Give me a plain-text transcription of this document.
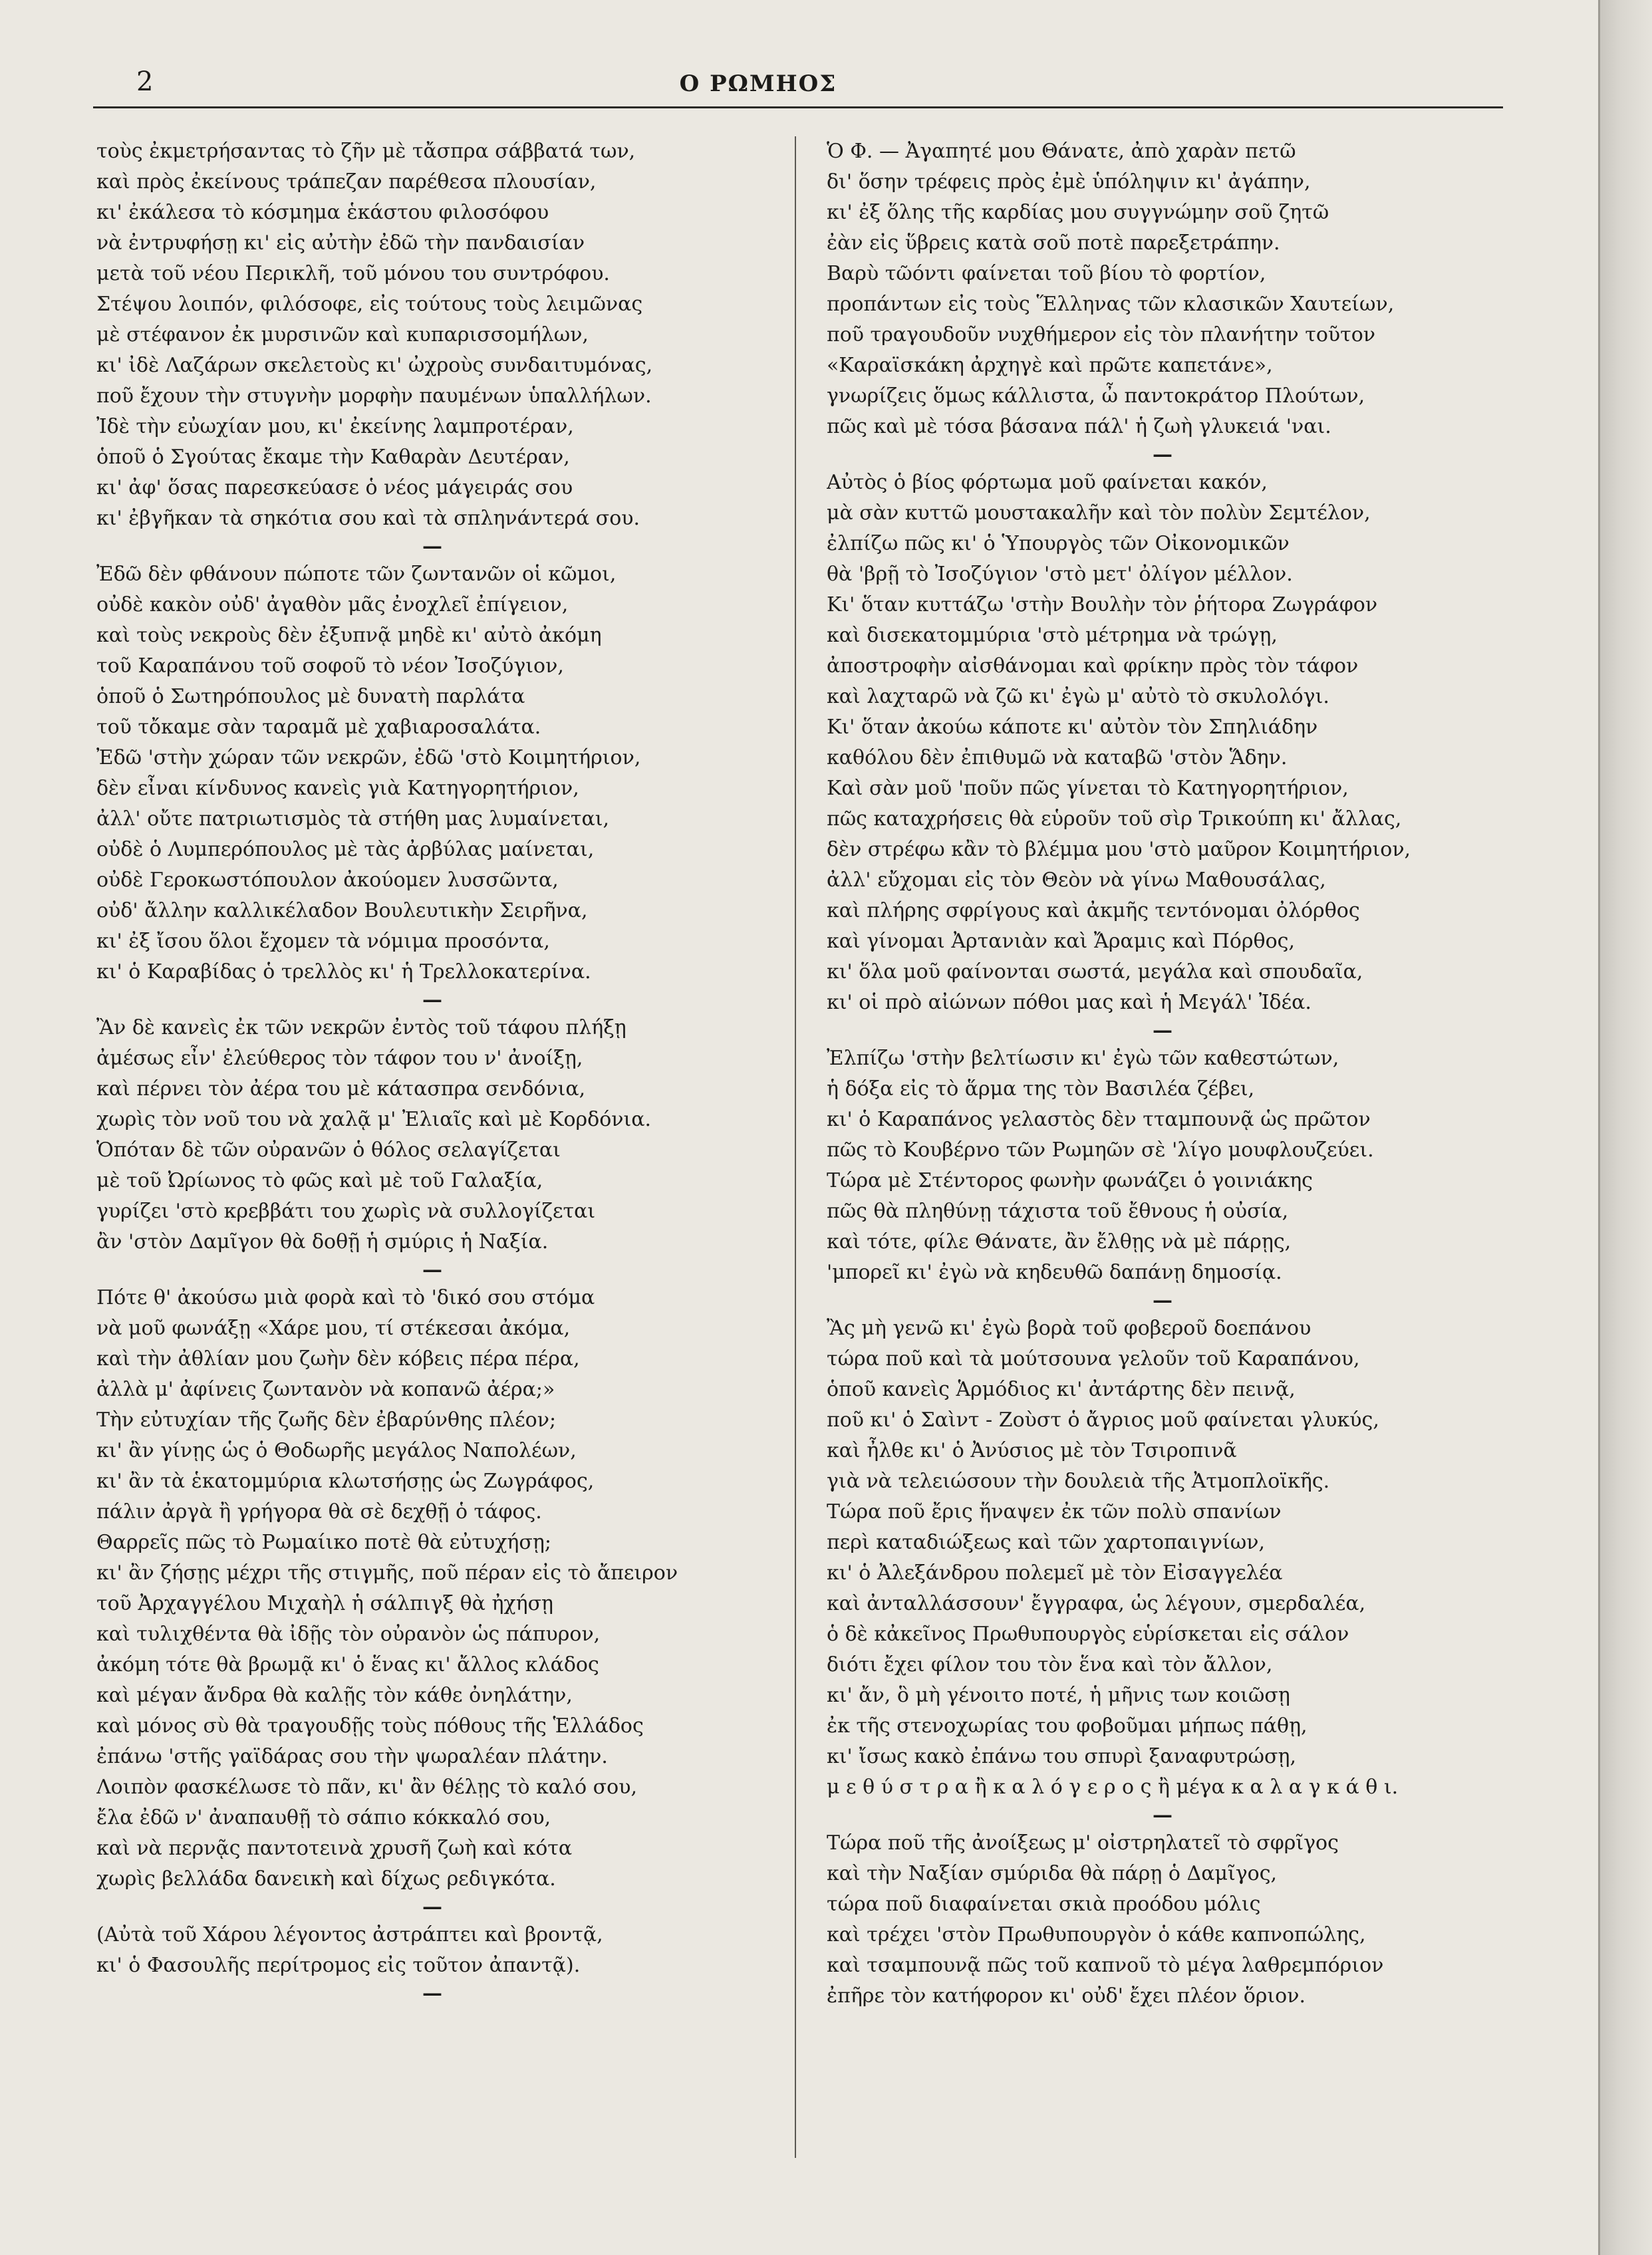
2	Ο ΡΩΜΗΟΣ
τοὺς ἐκμετρήσαντας τὸ ζῆν μὲ τἄσπρα σάββατά των,
καὶ πρὸς ἐκείνους τράπεζαν παρέθεσα πλουσίαν,
κι' ἐκάλεσα τὸ κόσμημα ἑκάστου φιλοσόφου
νὰ ἐντρυφήσῃ κι' εἰς αὐτὴν ἐδῶ τὴν πανδαισίαν
μετὰ τοῦ νέου Περικλῆ, τοῦ μόνου του συντρόφου.
Στέψου λοιπόν, φιλόσοφε, εἰς τούτους τοὺς λειμῶνας
μὲ στέφανον ἐκ μυρσινῶν καὶ κυπαρισσομήλων,
κι' ἰδὲ Λαζάρων σκελετοὺς κι' ὠχροὺς συνδαιτυμόνας,
ποῦ ἔχουν τὴν στυγνὴν μορφὴν παυμένων ὑπαλλήλων.
Ἰδὲ τὴν εὐωχίαν μου, κι' ἐκείνης λαμπροτέραν,
ὁποῦ ὁ Σγούτας ἔκαμε τὴν Καθαρὰν Δευτέραν,
κι' ἀφ' ὅσας παρεσκεύασε ὁ νέος μάγειράς σου
κι' ἐβγῆκαν τὰ σηκότια σου καὶ τὰ σπληνάντερά σου.
—
Ἐδῶ δὲν φθάνουν πώποτε τῶν ζωντανῶν οἱ κῶμοι,
οὐδὲ κακὸν οὐδ' ἀγαθὸν μᾶς ἐνοχλεῖ ἐπίγειον,
καὶ τοὺς νεκροὺς δὲν ἐξυπνᾷ μηδὲ κι' αὐτὸ ἀκόμη
τοῦ Καραπάνου τοῦ σοφοῦ τὸ νέον Ἰσοζύγιον,
ὁποῦ ὁ Σωτηρόπουλος μὲ δυνατὴ παρλάτα
τοῦ τὄκαμε σὰν ταραμᾶ μὲ χαβιαροσαλάτα.
Ἐδῶ 'στὴν χώραν τῶν νεκρῶν, ἐδῶ 'στὸ Κοιμητήριον,
δὲν εἶναι κίνδυνος κανεὶς γιὰ Κατηγορητήριον,
ἀλλ' οὔτε πατριωτισμὸς τὰ στήθη μας λυμαίνεται,
οὐδὲ ὁ Λυμπερόπουλος μὲ τὰς ἀρβύλας μαίνεται,
οὐδὲ Γεροκωστόπουλον ἀκούομεν λυσσῶντα,
οὐδ' ἄλλην καλλικέλαδον Βουλευτικὴν Σειρῆνα,
κι' ἐξ ἴσου ὅλοι ἔχομεν τὰ νόμιμα προσόντα,
κι' ὁ Καραβίδας ὁ τρελλὸς κι' ἡ Τρελλοκατερίνα.
—
Ἂν δὲ κανεὶς ἐκ τῶν νεκρῶν ἐντὸς τοῦ τάφου πλήξῃ
ἀμέσως εἶν' ἐλεύθερος τὸν τάφον του ν' ἀνοίξῃ,
καὶ πέρνει τὸν ἀέρα του μὲ κάτασπρα σενδόνια,
χωρὶς τὸν νοῦ του νὰ χαλᾷ μ' Ἐλιαῖς καὶ μὲ Κορδόνια.
Ὁπόταν δὲ τῶν οὐρανῶν ὁ θόλος σελαγίζεται
μὲ τοῦ Ὠρίωνος τὸ φῶς καὶ μὲ τοῦ Γαλαξία,
γυρίζει 'στὸ κρεββάτι του χωρὶς νὰ συλλογίζεται
ἂν 'στὸν Δαμῖγον θὰ δοθῇ ἡ σμύρις ἡ Ναξία.
—
Πότε θ' ἀκούσω μιὰ φορὰ καὶ τὸ 'δικό σου στόμα
νὰ μοῦ φωνάξῃ «Χάρε μου, τί στέκεσαι ἀκόμα,
καὶ τὴν ἀθλίαν μου ζωὴν δὲν κόβεις πέρα πέρα,
ἀλλὰ μ' ἀφίνεις ζωντανὸν νὰ κοπανῶ ἀέρα;»
Τὴν εὐτυχίαν τῆς ζωῆς δὲν ἐβαρύνθης πλέον;
κι' ἂν γίνῃς ὡς ὁ Θοδωρῆς μεγάλος Ναπολέων,
κι' ἂν τὰ ἑκατομμύρια κλωτσήσῃς ὡς Ζωγράφος,
πάλιν ἀργὰ ἢ γρήγορα θὰ σὲ δεχθῇ ὁ τάφος.
Θαρρεῖς πῶς τὸ Ρωμαίικο ποτὲ θὰ εὐτυχήσῃ;
κι' ἂν ζήσῃς μέχρι τῆς στιγμῆς, ποῦ πέραν εἰς τὸ ἄπειρον
τοῦ Ἀρχαγγέλου Μιχαὴλ ἡ σάλπιγξ θὰ ἠχήσῃ
καὶ τυλιχθέντα θὰ ἰδῇς τὸν οὐρανὸν ὡς πάπυρον,
ἀκόμη τότε θὰ βρωμᾷ κι' ὁ ἕνας κι' ἄλλος κλάδος
καὶ μέγαν ἄνδρα θὰ καλῇς τὸν κάθε ὀνηλάτην,
καὶ μόνος σὺ θὰ τραγουδῇς τοὺς πόθους τῆς Ἑλλάδος
ἐπάνω 'στῆς γαϊδάρας σου τὴν ψωραλέαν πλάτην.
Λοιπὸν φασκέλωσε τὸ πᾶν, κι' ἂν θέλῃς τὸ καλό σου,
ἔλα ἐδῶ ν' ἀναπαυθῇ τὸ σάπιο κόκκαλό σου,
καὶ νὰ περνᾷς παντοτεινὰ χρυσῆ ζωὴ καὶ κότα
χωρὶς βελλάδα δανεικὴ καὶ δίχως ρεδιγκότα.
—
(Αὐτὰ τοῦ Χάρου λέγοντος ἀστράπτει καὶ βροντᾷ,
κι' ὁ Φασουλῆς περίτρομος εἰς τοῦτον ἀπαντᾷ).
—
Ὁ Φ. — Ἀγαπητέ μου Θάνατε, ἀπὸ χαρὰν πετῶ
δι' ὅσην τρέφεις πρὸς ἐμὲ ὑπόληψιν κι' ἀγάπην,
κι' ἐξ ὅλης τῆς καρδίας μου συγγνώμην σοῦ ζητῶ
ἐὰν εἰς ὕβρεις κατὰ σοῦ ποτὲ παρεξετράπην.
Βαρὺ τῶόντι φαίνεται τοῦ βίου τὸ φορτίον,
προπάντων εἰς τοὺς Ἕλληνας τῶν κλασικῶν Χαυτείων,
ποῦ τραγουδοῦν νυχθήμερον εἰς τὸν πλανήτην τοῦτον
«Καραϊσκάκη ἀρχηγὲ καὶ πρῶτε καπετάνε»,
γνωρίζεις ὅμως κάλλιστα, ὦ παντοκράτορ Πλούτων,
πῶς καὶ μὲ τόσα βάσανα πάλ' ἡ ζωὴ γλυκειά 'ναι.
—
Αὐτὸς ὁ βίος φόρτωμα μοῦ φαίνεται κακόν,
μὰ σὰν κυττῶ μουστακαλῆν καὶ τὸν πολὺν Σεμτέλον,
ἐλπίζω πῶς κι' ὁ Ὑπουργὸς τῶν Οἰκονομικῶν
θὰ 'βρῇ τὸ Ἰσοζύγιον 'στὸ μετ' ὀλίγον μέλλον.
Κι' ὅταν κυττάζω 'στὴν Βουλὴν τὸν ῥήτορα Ζωγράφον
καὶ δισεκατομμύρια 'στὸ μέτρημα νὰ τρώγῃ,
ἀποστροφὴν αἰσθάνομαι καὶ φρίκην πρὸς τὸν τάφον
καὶ λαχταρῶ νὰ ζῶ κι' ἐγὼ μ' αὐτὸ τὸ σκυλολόγι.
Κι' ὅταν ἀκούω κάποτε κι' αὐτὸν τὸν Σπηλιάδην
καθόλου δὲν ἐπιθυμῶ νὰ καταβῶ 'στὸν Ἅδην.
Καὶ σὰν μοῦ 'ποῦν πῶς γίνεται τὸ Κατηγορητήριον,
πῶς καταχρήσεις θὰ εὑροῦν τοῦ σὶρ Τρικούπη κι' ἄλλας,
δὲν στρέφω κἂν τὸ βλέμμα μου 'στὸ μαῦρον Κοιμητήριον,
ἀλλ' εὔχομαι εἰς τὸν Θεὸν νὰ γίνω Μαθουσάλας,
καὶ πλήρης σφρίγους καὶ ἀκμῆς τεντόνομαι ὀλόρθος
καὶ γίνομαι Ἀρτανιὰν καὶ Ἄραμις καὶ Πόρθος,
κι' ὅλα μοῦ φαίνονται σωστά, μεγάλα καὶ σπουδαῖα,
κι' οἱ πρὸ αἰώνων πόθοι μας καὶ ἡ Μεγάλ' Ἰδέα.
—
Ἐλπίζω 'στὴν βελτίωσιν κι' ἐγὼ τῶν καθεστώτων,
ἡ δόξα εἰς τὸ ἅρμα της τὸν Βασιλέα ζέβει,
κι' ὁ Καραπάνος γελαστὸς δὲν τταμπουνᾷ ὡς πρῶτον
πῶς τὸ Κουβέρνο τῶν Ρωμηῶν σὲ 'λίγο μουφλουζεύει.
Τώρα μὲ Στέντορος φωνὴν φωνάζει ὁ γοινιάκης
πῶς θὰ πληθύνῃ τάχιστα τοῦ ἔθνους ἡ οὐσία,
καὶ τότε, φίλε Θάνατε, ἂν ἔλθῃς νὰ μὲ πάρῃς,
'μπορεῖ κι' ἐγὼ νὰ κηδευθῶ δαπάνῃ δημοσίᾳ.
—
Ἂς μὴ γενῶ κι' ἐγὼ βορὰ τοῦ φοβεροῦ δοεπάνου
τώρα ποῦ καὶ τὰ μούτσουνα γελοῦν τοῦ Καραπάνου,
ὁποῦ κανεὶς Ἁρμόδιος κι' ἀντάρτης δὲν πεινᾷ,
ποῦ κι' ὁ Σαὶντ - Ζοὺστ ὁ ἄγριος μοῦ φαίνεται γλυκύς,
καὶ ἦλθε κι' ὁ Ἀνύσιος μὲ τὸν Τσιροπινᾶ
γιὰ νὰ τελειώσουν τὴν δουλειὰ τῆς Ἀτμοπλοϊκῆς.
Τώρα ποῦ ἔρις ἥναψεν ἐκ τῶν πολὺ σπανίων
περὶ καταδιώξεως καὶ τῶν χαρτοπαιγνίων,
κι' ὁ Ἀλεξάνδρου πολεμεῖ μὲ τὸν Εἰσαγγελέα
καὶ ἀνταλλάσσουν' ἔγγραφα, ὡς λέγουν, σμερδαλέα,
ὁ δὲ κἀκεῖνος Πρωθυπουργὸς εὑρίσκεται εἰς σάλον
διότι ἔχει φίλον του τὸν ἕνα καὶ τὸν ἄλλον,
κι' ἄν, ὃ μὴ γένοιτο ποτέ, ἡ μῆνις των κοιῶσῃ
ἐκ τῆς στενοχωρίας του φοβοῦμαι μήπως πάθῃ,
κι' ἴσως κακὸ ἐπάνω του σπυρὶ ξαναφυτρώσῃ,
μ ε θ ύ σ τ ρ α ἢ κ α λ ό γ ε ρ ο ς ἢ μέγα κ α λ α γ κ ά θ ι.
—
Τώρα ποῦ τῆς ἀνοίξεως μ' οἰστρηλατεῖ τὸ σφρῖγος
καὶ τὴν Ναξίαν σμύριδα θὰ πάρῃ ὁ Δαμῖγος,
τώρα ποῦ διαφαίνεται σκιὰ προόδου μόλις
καὶ τρέχει 'στὸν Πρωθυπουργὸν ὁ κάθε καπνοπώλης,
καὶ τσαμπουνᾷ πῶς τοῦ καπνοῦ τὸ μέγα λαθρεμπόριον
ἐπῆρε τὸν κατήφορον κι' οὐδ' ἔχει πλέον ὅριον.
